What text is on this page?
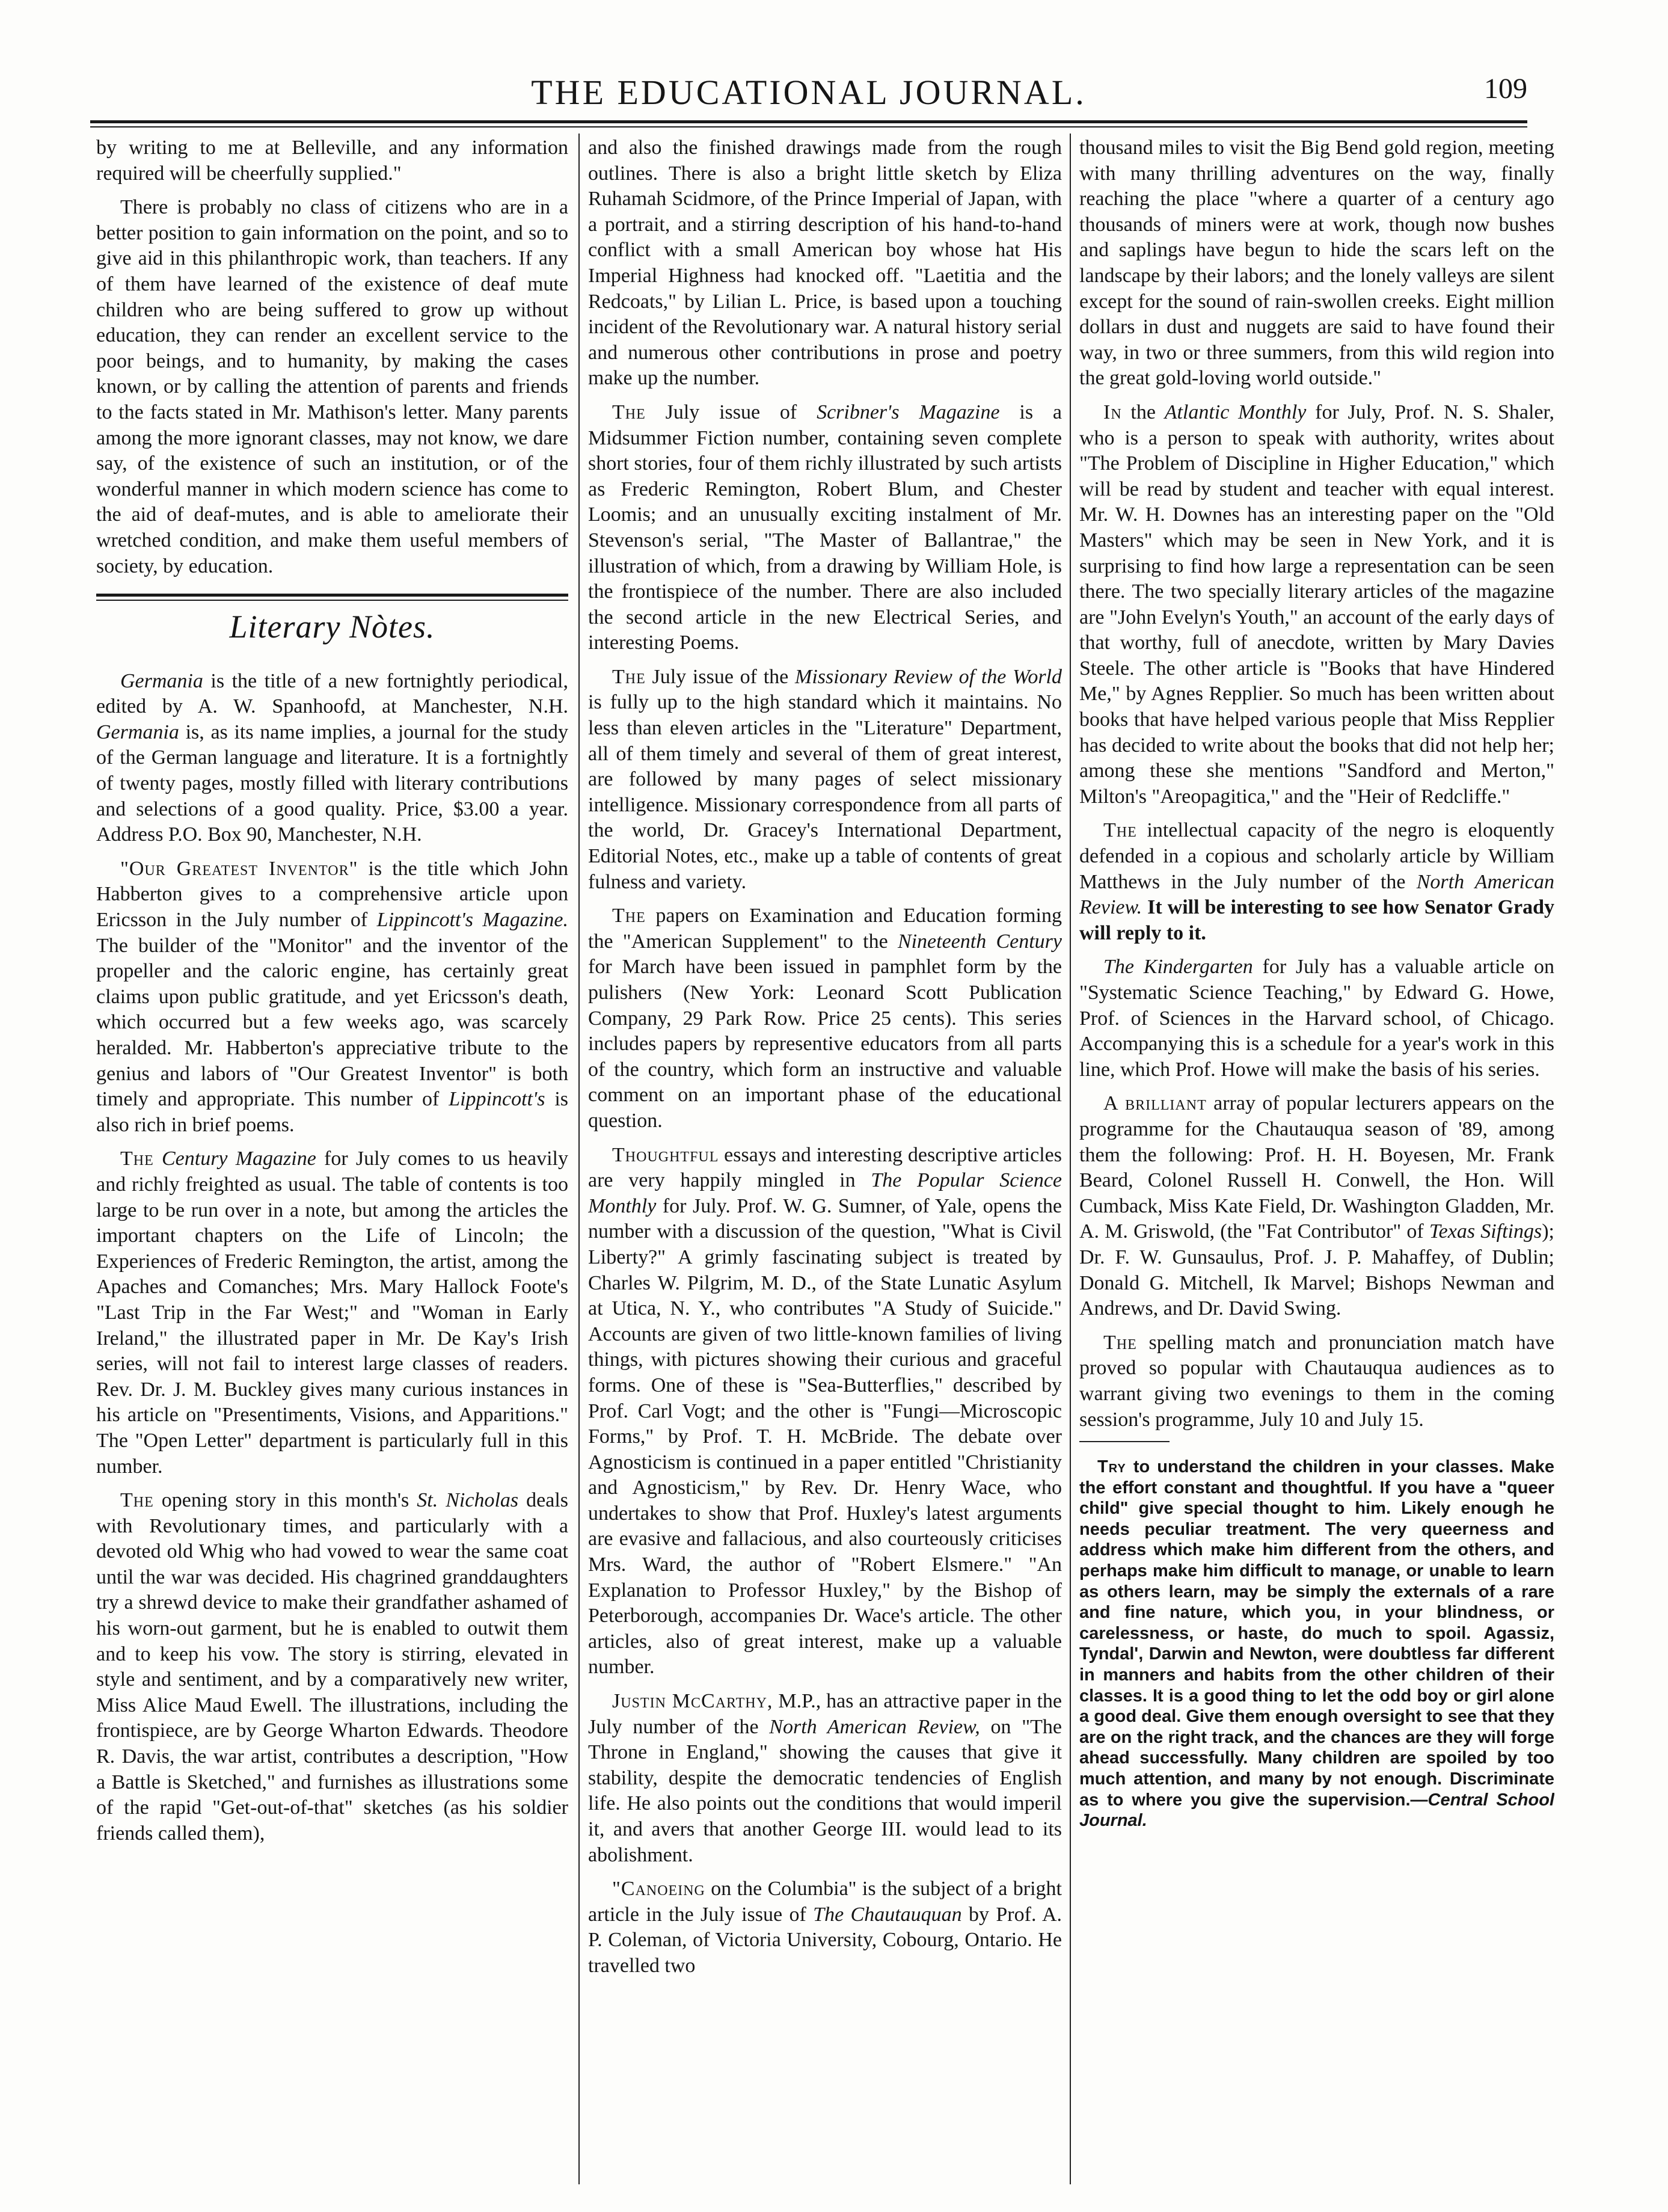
THE EDUCATIONAL JOURNAL.	109

by writing to me at Belleville, and any information required will be cheerfully supplied."

There is probably no class of citizens who are in a better position to gain information on the point, and so to give aid in this philanthropic work, than teachers. If any of them have learned of the existence of deaf mute children who are being suffered to grow up without education, they can render an excellent service to the poor beings, and to humanity, by making the cases known, or by calling the attention of parents and friends to the facts stated in Mr. Mathison's letter. Many parents among the more ignorant classes, may not know, we dare say, of the existence of such an institution, or of the wonderful manner in which modern science has come to the aid of deaf-mutes, and is able to ameliorate their wretched condition, and make them useful members of society, by education.

Literary Nòtes.

Germania is the title of a new fortnightly periodical, edited by A. W. Spanhoofd, at Manchester, N.H. Germania is, as its name implies, a journal for the study of the German language and literature. It is a fortnightly of twenty pages, mostly filled with literary contributions and selections of a good quality. Price, $3.00 a year. Address P.O. Box 90, Manchester, N.H.

"Our Greatest Inventor" is the title which John Habberton gives to a comprehensive article upon Ericsson in the July number of Lippincott's Magazine. The builder of the "Monitor" and the inventor of the propeller and the caloric engine, has certainly great claims upon public gratitude, and yet Ericsson's death, which occurred but a few weeks ago, was scarcely heralded. Mr. Habberton's appreciative tribute to the genius and labors of "Our Greatest Inventor" is both timely and appropriate. This number of Lippincott's is also rich in brief poems.

The Century Magazine for July comes to us heavily and richly freighted as usual. The table of contents is too large to be run over in a note, but among the articles the important chapters on the Life of Lincoln; the Experiences of Frederic Remington, the artist, among the Apaches and Comanches; Mrs. Mary Hallock Foote's "Last Trip in the Far West;" and "Woman in Early Ireland," the illustrated paper in Mr. De Kay's Irish series, will not fail to interest large classes of readers. Rev. Dr. J. M. Buckley gives many curious instances in his article on "Presentiments, Visions, and Apparitions." The "Open Letter" department is particularly full in this number.

The opening story in this month's St. Nicholas deals with Revolutionary times, and particularly with a devoted old Whig who had vowed to wear the same coat until the war was decided. His chagrined granddaughters try a shrewd device to make their grandfather ashamed of his worn-out garment, but he is enabled to outwit them and to keep his vow. The story is stirring, elevated in style and sentiment, and by a comparatively new writer, Miss Alice Maud Ewell. The illustrations, including the frontispiece, are by George Wharton Edwards. Theodore R. Davis, the war artist, contributes a description, "How a Battle is Sketched," and furnishes as illustrations some of the rapid "Get-out-of-that" sketches (as his soldier friends called them),

and also the finished drawings made from the rough outlines. There is also a bright little sketch by Eliza Ruhamah Scidmore, of the Prince Imperial of Japan, with a portrait, and a stirring description of his hand-to-hand conflict with a small American boy whose hat His Imperial Highness had knocked off. "Laetitia and the Redcoats," by Lilian L. Price, is based upon a touching incident of the Revolutionary war. A natural history serial and numerous other contributions in prose and poetry make up the number.

The July issue of Scribner's Magazine is a Midsummer Fiction number, containing seven complete short stories, four of them richly illustrated by such artists as Frederic Remington, Robert Blum, and Chester Loomis; and an unusually exciting instalment of Mr. Stevenson's serial, "The Master of Ballantrae," the illustration of which, from a drawing by William Hole, is the frontispiece of the number. There are also included the second article in the new Electrical Series, and interesting Poems.

The July issue of the Missionary Review of the World is fully up to the high standard which it maintains. No less than eleven articles in the "Literature" Department, all of them timely and several of them of great interest, are followed by many pages of select missionary intelligence. Missionary correspondence from all parts of the world, Dr. Gracey's International Department, Editorial Notes, etc., make up a table of contents of great fulness and variety.

The papers on Examination and Education forming the "American Supplement" to the Nineteenth Century for March have been issued in pamphlet form by the pulishers (New York: Leonard Scott Publication Company, 29 Park Row. Price 25 cents). This series includes papers by representive educators from all parts of the country, which form an instructive and valuable comment on an important phase of the educational question.

Thoughtful essays and interesting descriptive articles are very happily mingled in The Popular Science Monthly for July. Prof. W. G. Sumner, of Yale, opens the number with a discussion of the question, "What is Civil Liberty?" A grimly fascinating subject is treated by Charles W. Pilgrim, M. D., of the State Lunatic Asylum at Utica, N. Y., who contributes "A Study of Suicide." Accounts are given of two little-known families of living things, with pictures showing their curious and graceful forms. One of these is "Sea-Butterflies," described by Prof. Carl Vogt; and the other is "Fungi—Microscopic Forms," by Prof. T. H. McBride. The debate over Agnosticism is continued in a paper entitled "Christianity and Agnosticism," by Rev. Dr. Henry Wace, who undertakes to show that Prof. Huxley's latest arguments are evasive and fallacious, and also courteously criticises Mrs. Ward, the author of "Robert Elsmere." "An Explanation to Professor Huxley," by the Bishop of Peterborough, accompanies Dr. Wace's article. The other articles, also of great interest, make up a valuable number.

Justin McCarthy, M.P., has an attractive paper in the July number of the North American Review, on "The Throne in England," showing the causes that give it stability, despite the democratic tendencies of English life. He also points out the conditions that would imperil it, and avers that another George III. would lead to its abolishment.

"Canoeing on the Columbia" is the subject of a bright article in the July issue of The Chautauquan by Prof. A. P. Coleman, of Victoria University, Cobourg, Ontario. He travelled two

thousand miles to visit the Big Bend gold region, meeting with many thrilling adventures on the way, finally reaching the place "where a quarter of a century ago thousands of miners were at work, though now bushes and saplings have begun to hide the scars left on the landscape by their labors; and the lonely valleys are silent except for the sound of rain-swollen creeks. Eight million dollars in dust and nuggets are said to have found their way, in two or three summers, from this wild region into the great gold-loving world outside."

In the Atlantic Monthly for July, Prof. N. S. Shaler, who is a person to speak with authority, writes about "The Problem of Discipline in Higher Education," which will be read by student and teacher with equal interest. Mr. W. H. Downes has an interesting paper on the "Old Masters" which may be seen in New York, and it is surprising to find how large a representation can be seen there. The two specially literary articles of the magazine are "John Evelyn's Youth," an account of the early days of that worthy, full of anecdote, written by Mary Davies Steele. The other article is "Books that have Hindered Me," by Agnes Repplier. So much has been written about books that have helped various people that Miss Repplier has decided to write about the books that did not help her; among these she mentions "Sandford and Merton," Milton's "Areopagitica," and the "Heir of Redcliffe."

The intellectual capacity of the negro is eloquently defended in a copious and scholarly article by William Matthews in the July number of the North American Review. It will be interesting to see how Senator Grady will reply to it.

The Kindergarten for July has a valuable article on "Systematic Science Teaching," by Edward G. Howe, Prof. of Sciences in the Harvard school, of Chicago. Accompanying this is a schedule for a year's work in this line, which Prof. Howe will make the basis of his series.

A brilliant array of popular lecturers appears on the programme for the Chautauqua season of '89, among them the following: Prof. H. H. Boyesen, Mr. Frank Beard, Colonel Russell H. Conwell, the Hon. Will Cumback, Miss Kate Field, Dr. Washington Gladden, Mr. A. M. Griswold, (the "Fat Contributor" of Texas Siftings); Dr. F. W. Gunsaulus, Prof. J. P. Mahaffey, of Dublin; Donald G. Mitchell, Ik Marvel; Bishops Newman and Andrews, and Dr. David Swing.

The spelling match and pronunciation match have proved so popular with Chautauqua audiences as to warrant giving two evenings to them in the coming session's programme, July 10 and July 15.

Try to understand the children in your classes. Make the effort constant and thoughtful. If you have a "queer child" give special thought to him. Likely enough he needs peculiar treatment. The very queerness and address which make him different from the others, and perhaps make him difficult to manage, or unable to learn as others learn, may be simply the externals of a rare and fine nature, which you, in your blindness, or carelessness, or haste, do much to spoil. Agassiz, Tyndal', Darwin and Newton, were doubtless far different in manners and habits from the other children of their classes. It is a good thing to let the odd boy or girl alone a good deal. Give them enough oversight to see that they are on the right track, and the chances are they will forge ahead successfully. Many children are spoiled by too much attention, and many by not enough. Discriminate as to where you give the supervision.—Central School Journal.
